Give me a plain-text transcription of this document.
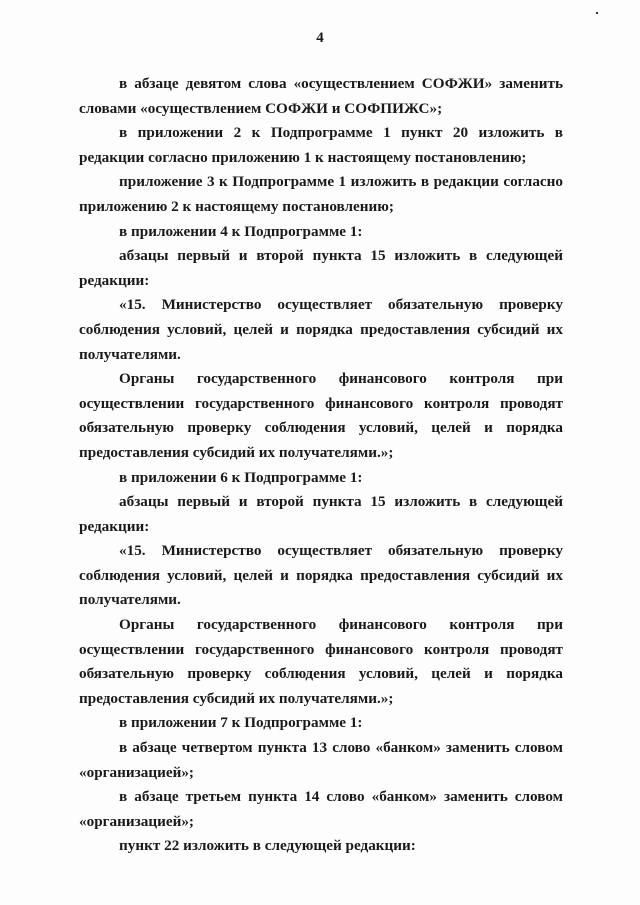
4

в абзаце девятом слова «осуществлением СОФЖИ» заменить словами «осуществлением СОФЖИ и СОФПИЖС»;

в приложении 2 к Подпрограмме 1 пункт 20 изложить в редакции согласно приложению 1 к настоящему постановлению;

приложение 3 к Подпрограмме 1 изложить в редакции согласно приложению 2 к настоящему постановлению;

в приложении 4 к Подпрограмме 1:

абзацы первый и второй пункта 15 изложить в следующей редакции:

«15. Министерство осуществляет обязательную проверку соблюдения условий, целей и порядка предоставления субсидий их получателями.

Органы государственного финансового контроля при осуществлении государственного финансового контроля проводят обязательную проверку соблюдения условий, целей и порядка предоставления субсидий их получателями.»;

в приложении 6 к Подпрограмме 1:

абзацы первый и второй пункта 15 изложить в следующей редакции:

«15. Министерство осуществляет обязательную проверку соблюдения условий, целей и порядка предоставления субсидий их получателями.

Органы государственного финансового контроля при осуществлении государственного финансового контроля проводят обязательную проверку соблюдения условий, целей и порядка предоставления субсидий их получателями.»;

в приложении 7 к Подпрограмме 1:

в абзаце четвертом пункта 13 слово «банком» заменить словом «организацией»;

в абзаце третьем пункта 14 слово «банком» заменить словом «организацией»;

пункт 22 изложить в следующей редакции:
